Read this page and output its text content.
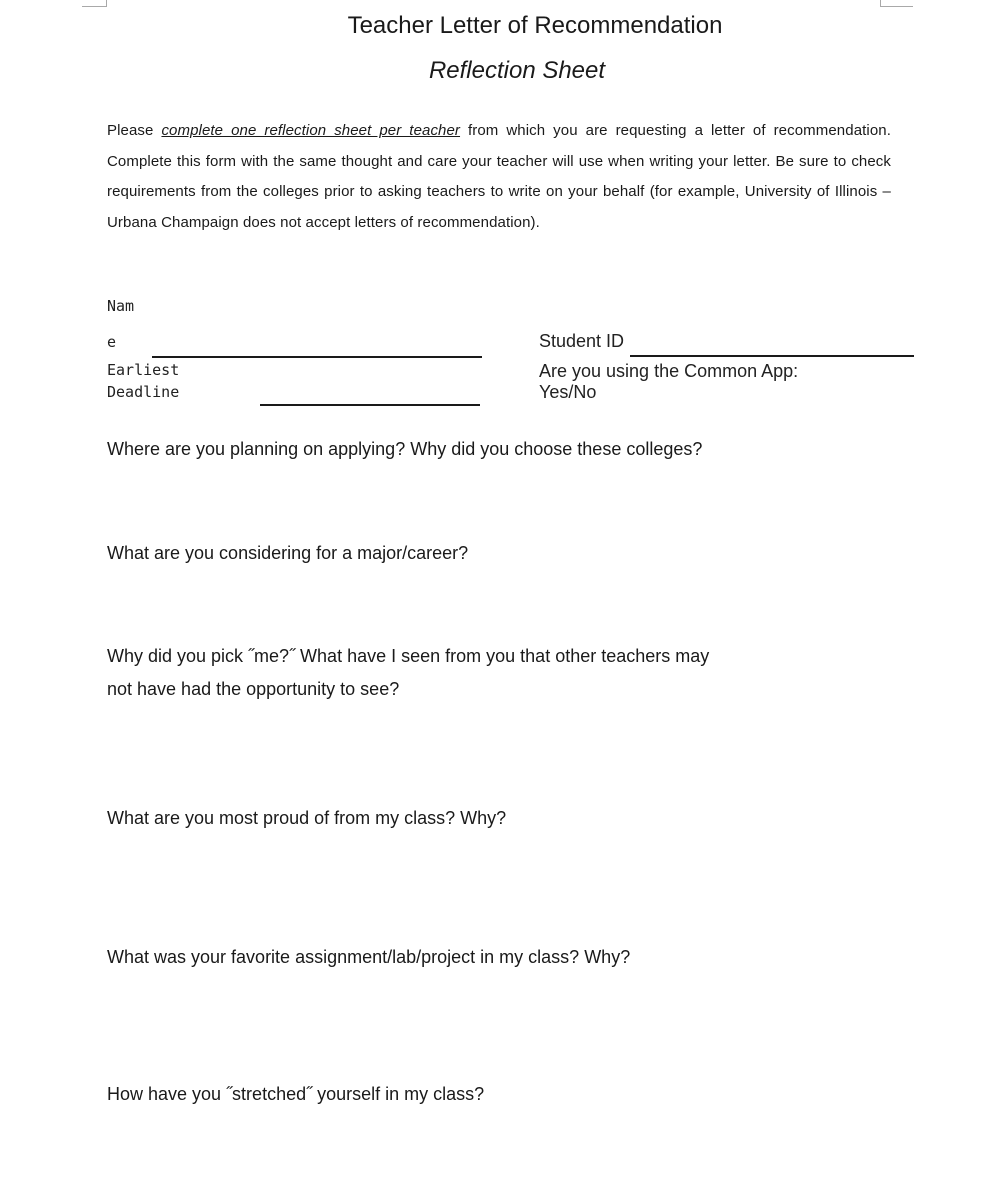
Teacher Letter of Recommendation
Reflection Sheet
Please complete one reflection sheet per teacher from which you are requesting a letter of recommendation. Complete this form with the same thought and care your teacher will use when writing your letter. Be sure to check requirements from the colleges prior to asking teachers to write on your behalf (for example, University of Illinois – Urbana Champaign does not accept letters of recommendation).
Nam
e
Earliest
Deadline
Student ID
Are you using the Common App:
Yes/No
Where are you planning on applying? Why did you choose these colleges?
What are you considering for a major/career?
Why did you pick ˝me?˝ What have I seen from you that other teachers may
not have had the opportunity to see?
What are you most proud of from my class? Why?
What was your favorite assignment/lab/project in my class? Why?
How have you ˝stretched˝ yourself in my class?
